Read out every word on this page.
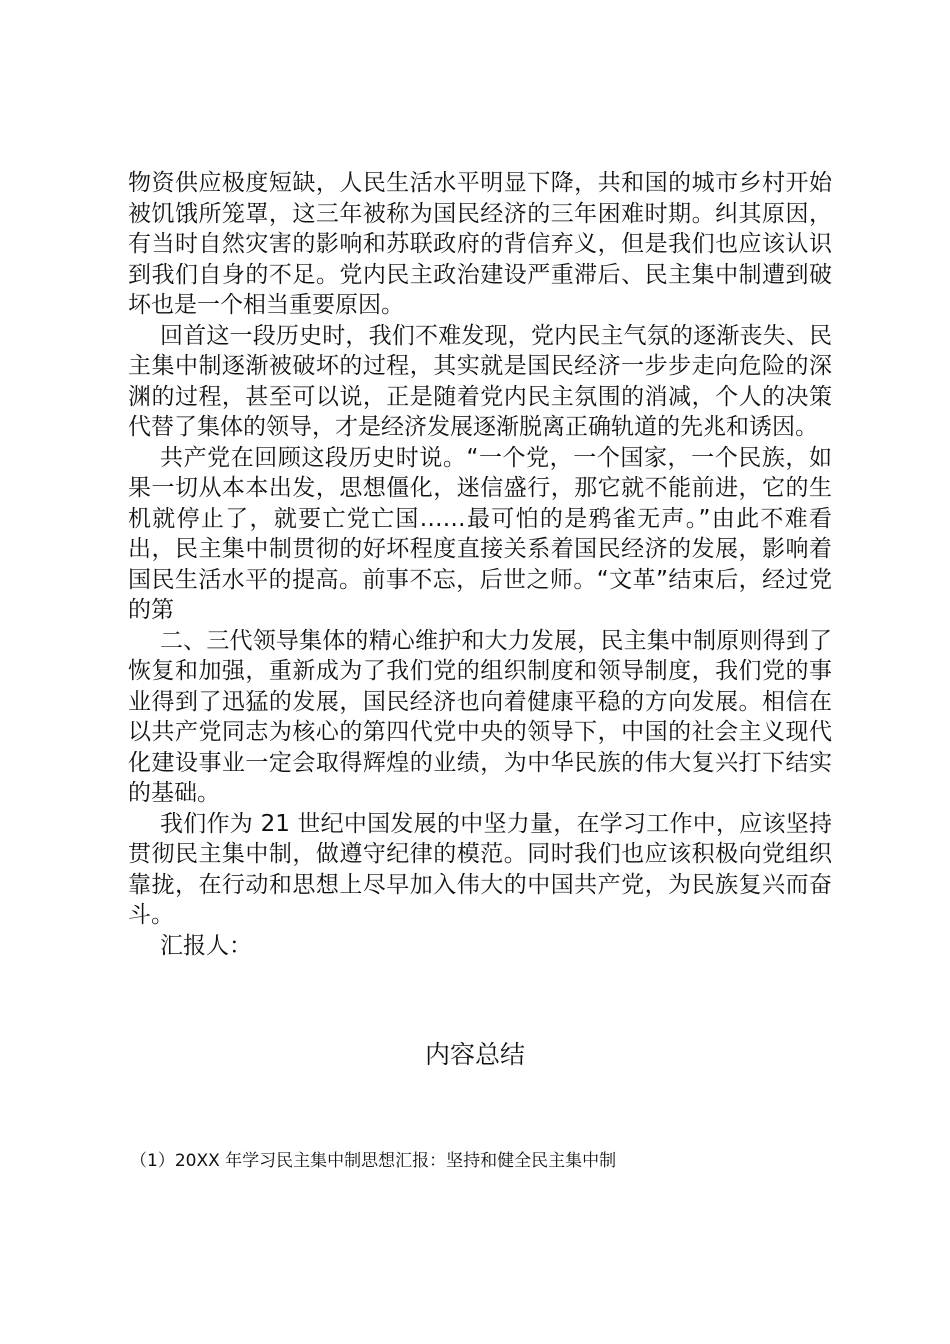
物资供应极度短缺，人民生活水平明显下降，共和国的城市乡村开始被饥饿所笼罩，这三年被称为国民经济的三年困难时期。纠其原因，有当时自然灾害的影响和苏联政府的背信弃义，但是我们也应该认识到我们自身的不足。党内民主政治建设严重滞后、民主集中制遭到破坏也是一个相当重要原因。

回首这一段历史时，我们不难发现，党内民主气氛的逐渐丧失、民主集中制逐渐被破坏的过程，其实就是国民经济一步步走向危险的深渊的过程，甚至可以说，正是随着党内民主氛围的消减，个人的决策代替了集体的领导，才是经济发展逐渐脱离正确轨道的先兆和诱因。

共产党在回顾这段历史时说。“一个党，一个国家，一个民族，如果一切从本本出发，思想僵化，迷信盛行，那它就不能前进，它的生机就停止了，就要亡党亡国……最可怕的是鸦雀无声。”由此不难看出，民主集中制贯彻的好坏程度直接关系着国民经济的发展，影响着国民生活水平的提高。前事不忘，后世之师。“文革”结束后，经过党的第

二、三代领导集体的精心维护和大力发展，民主集中制原则得到了恢复和加强，重新成为了我们党的组织制度和领导制度，我们党的事业得到了迅猛的发展，国民经济也向着健康平稳的方向发展。相信在以共产党同志为核心的第四代党中央的领导下，中国的社会主义现代化建设事业一定会取得辉煌的业绩，为中华民族的伟大复兴打下结实的基础。

我们作为 21 世纪中国发展的中坚力量，在学习工作中，应该坚持贯彻民主集中制，做遵守纪律的模范。同时我们也应该积极向党组织靠拢，在行动和思想上尽早加入伟大的中国共产党，为民族复兴而奋斗。

汇报人：

内容总结
（1）20XX 年学习民主集中制思想汇报：坚持和健全民主集中制
